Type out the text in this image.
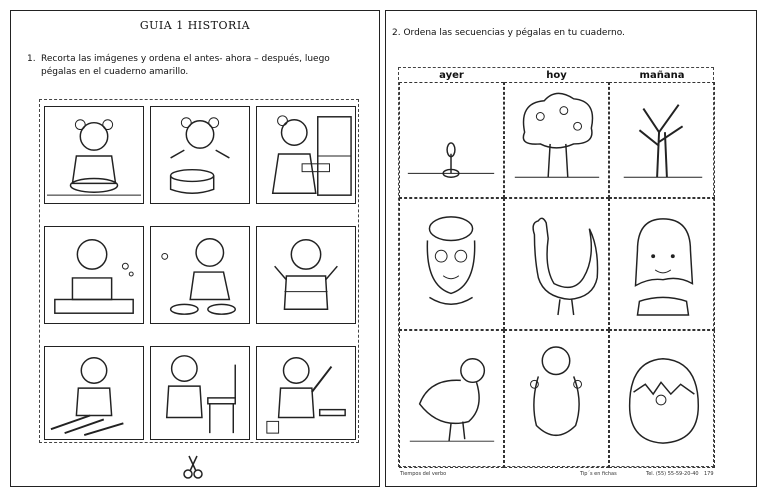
GUIA 1 HISTORIA
1. Recorta las imágenes y ordena el antes- ahora – después, luego pégalas en el cuaderno amarillo.
2. Ordena las secuencias y pégalas en tu cuaderno.
ayer	hoy	mañana
Tiempos del verbo	Tip´s en fichas	Tel. (55) 55-59-20-40 179
